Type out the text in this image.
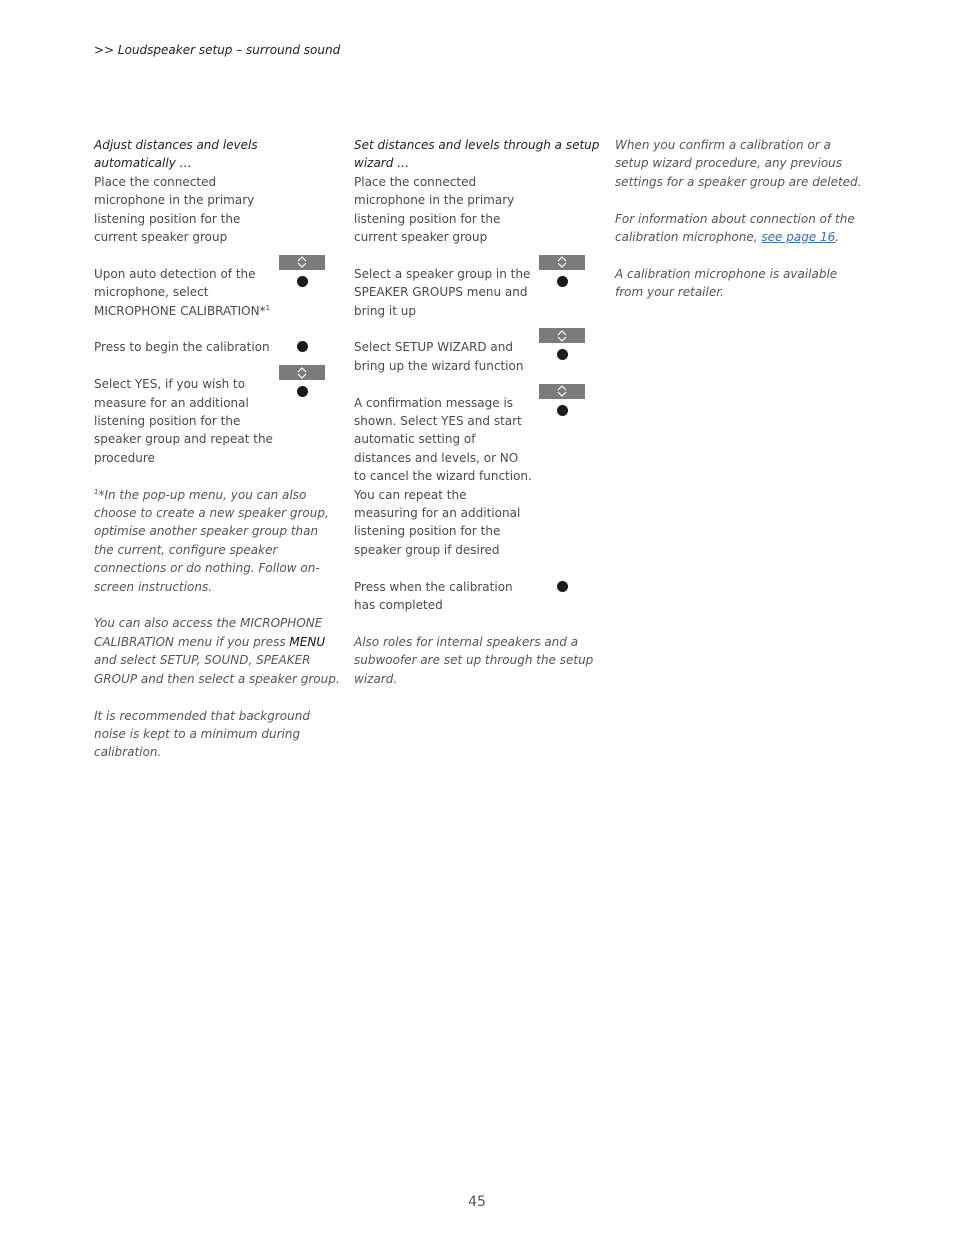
>> Loudspeaker setup – surround sound
Adjust distances and levels automatically …
Place the connected microphone in the primary listening position for the current speaker group
Upon auto detection of the microphone, select MICROPHONE CALIBRATION*$^1$
Press to begin the calibration
Select YES, if you wish to measure for an additional listening position for the speaker group and repeat the procedure
$^1$*In the pop-up menu, you can also choose to create a new speaker group, optimise another speaker group than the current, configure speaker connections or do nothing. Follow on-screen instructions.
You can also access the MICROPHONE CALIBRATION menu if you press MENU and select SETUP, SOUND, SPEAKER GROUP and then select a speaker group.
It is recommended that background noise is kept to a minimum during calibration.
Set distances and levels through a setup wizard …
Place the connected microphone in the primary listening position for the current speaker group
Select a speaker group in the SPEAKER GROUPS menu and bring it up
Select SETUP WIZARD and bring up the wizard function
A confirmation message is shown. Select YES and start automatic setting of distances and levels, or NO to cancel the wizard function. You can repeat the measuring for an additional listening position for the speaker group if desired
Press when the calibration has completed
Also roles for internal speakers and a subwoofer are set up through the setup wizard.
When you confirm a calibration or a setup wizard procedure, any previous settings for a speaker group are deleted.
For information about connection of the calibration microphone, see page 16.
A calibration microphone is available from your retailer.
45
